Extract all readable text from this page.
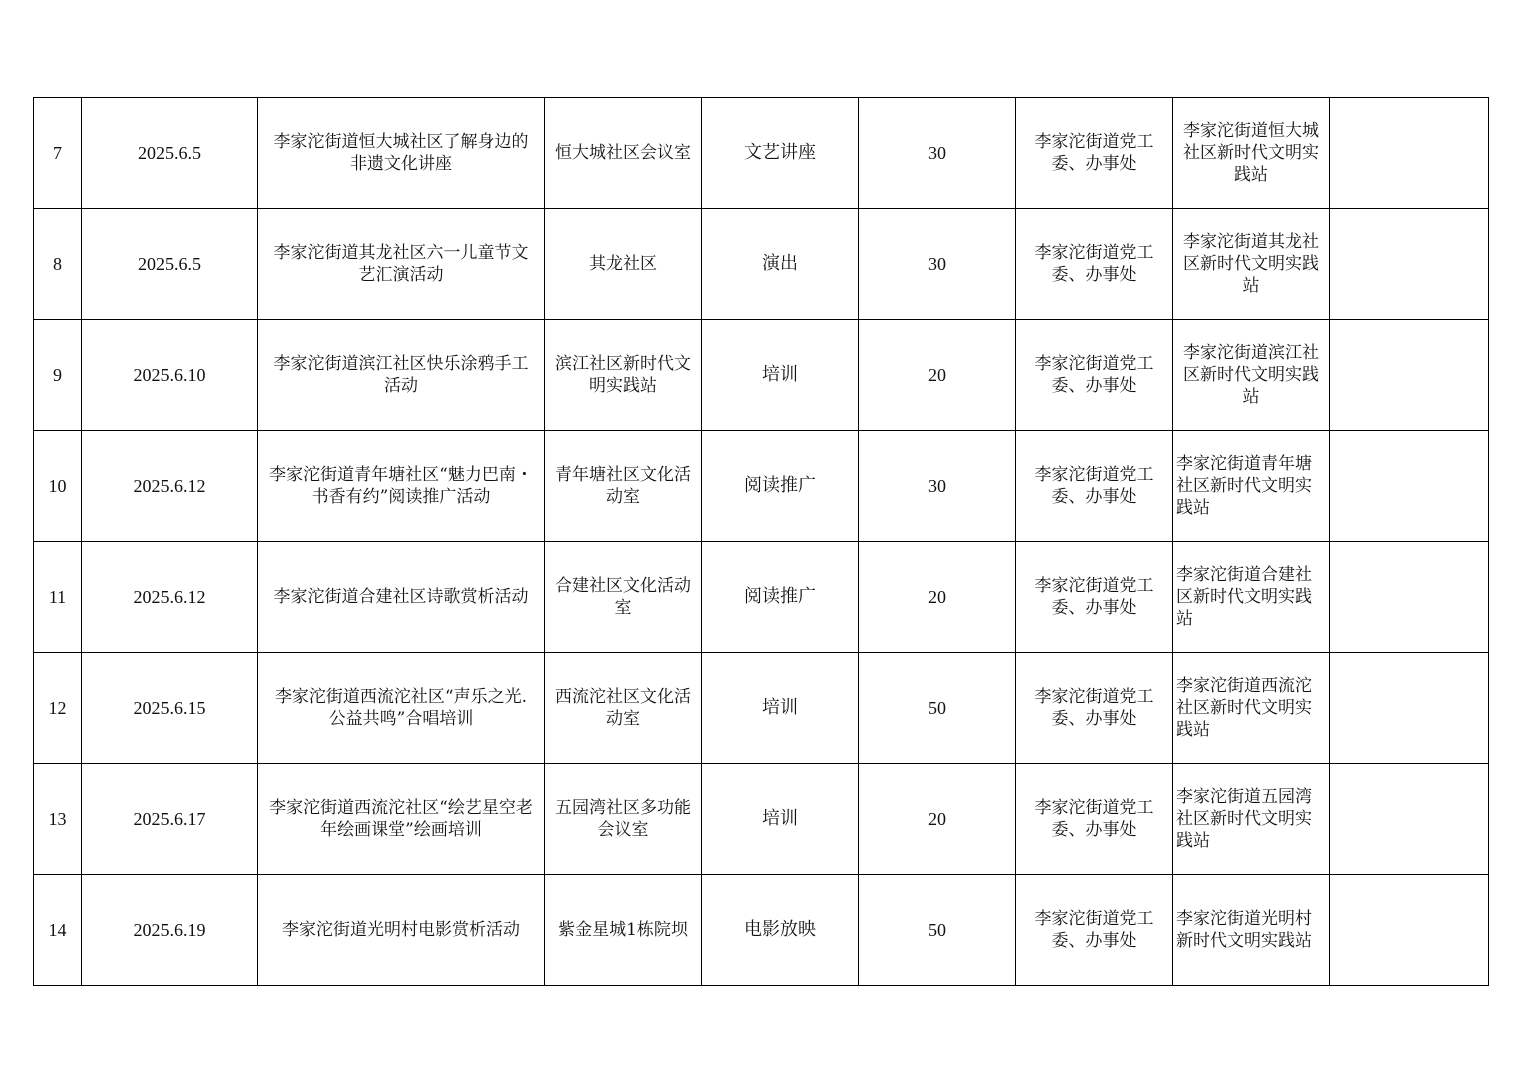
7	2025.6.5	李家沱街道恒大城社区了解身边的非遗文化讲座	恒大城社区会议室	文艺讲座	30	李家沱街道党工委、办事处	李家沱街道恒大城社区新时代文明实践站	
8	2025.6.5	李家沱街道其龙社区六一儿童节文艺汇演活动	其龙社区	演出	30	李家沱街道党工委、办事处	李家沱街道其龙社区新时代文明实践站	
9	2025.6.10	李家沱街道滨江社区快乐涂鸦手工活动	滨江社区新时代文明实践站	培训	20	李家沱街道党工委、办事处	李家沱街道滨江社区新时代文明实践站	
10	2025.6.12	李家沱街道青年塘社区“魅力巴南・书香有约”阅读推广活动	青年塘社区文化活动室	阅读推广	30	李家沱街道党工委、办事处	李家沱街道青年塘社区新时代文明实践站	
11	2025.6.12	李家沱街道合建社区诗歌赏析活动	合建社区文化活动室	阅读推广	20	李家沱街道党工委、办事处	李家沱街道合建社区新时代文明实践站	
12	2025.6.15	李家沱街道西流沱社区“声乐之光.公益共鸣”合唱培训	西流沱社区文化活动室	培训	50	李家沱街道党工委、办事处	李家沱街道西流沱社区新时代文明实践站	
13	2025.6.17	李家沱街道西流沱社区“绘艺星空老年绘画课堂”绘画培训	五园湾社区多功能会议室	培训	20	李家沱街道党工委、办事处	李家沱街道五园湾社区新时代文明实践站	
14	2025.6.19	李家沱街道光明村电影赏析活动	紫金星城1栋院坝	电影放映	50	李家沱街道党工委、办事处	李家沱街道光明村新时代文明实践站	
